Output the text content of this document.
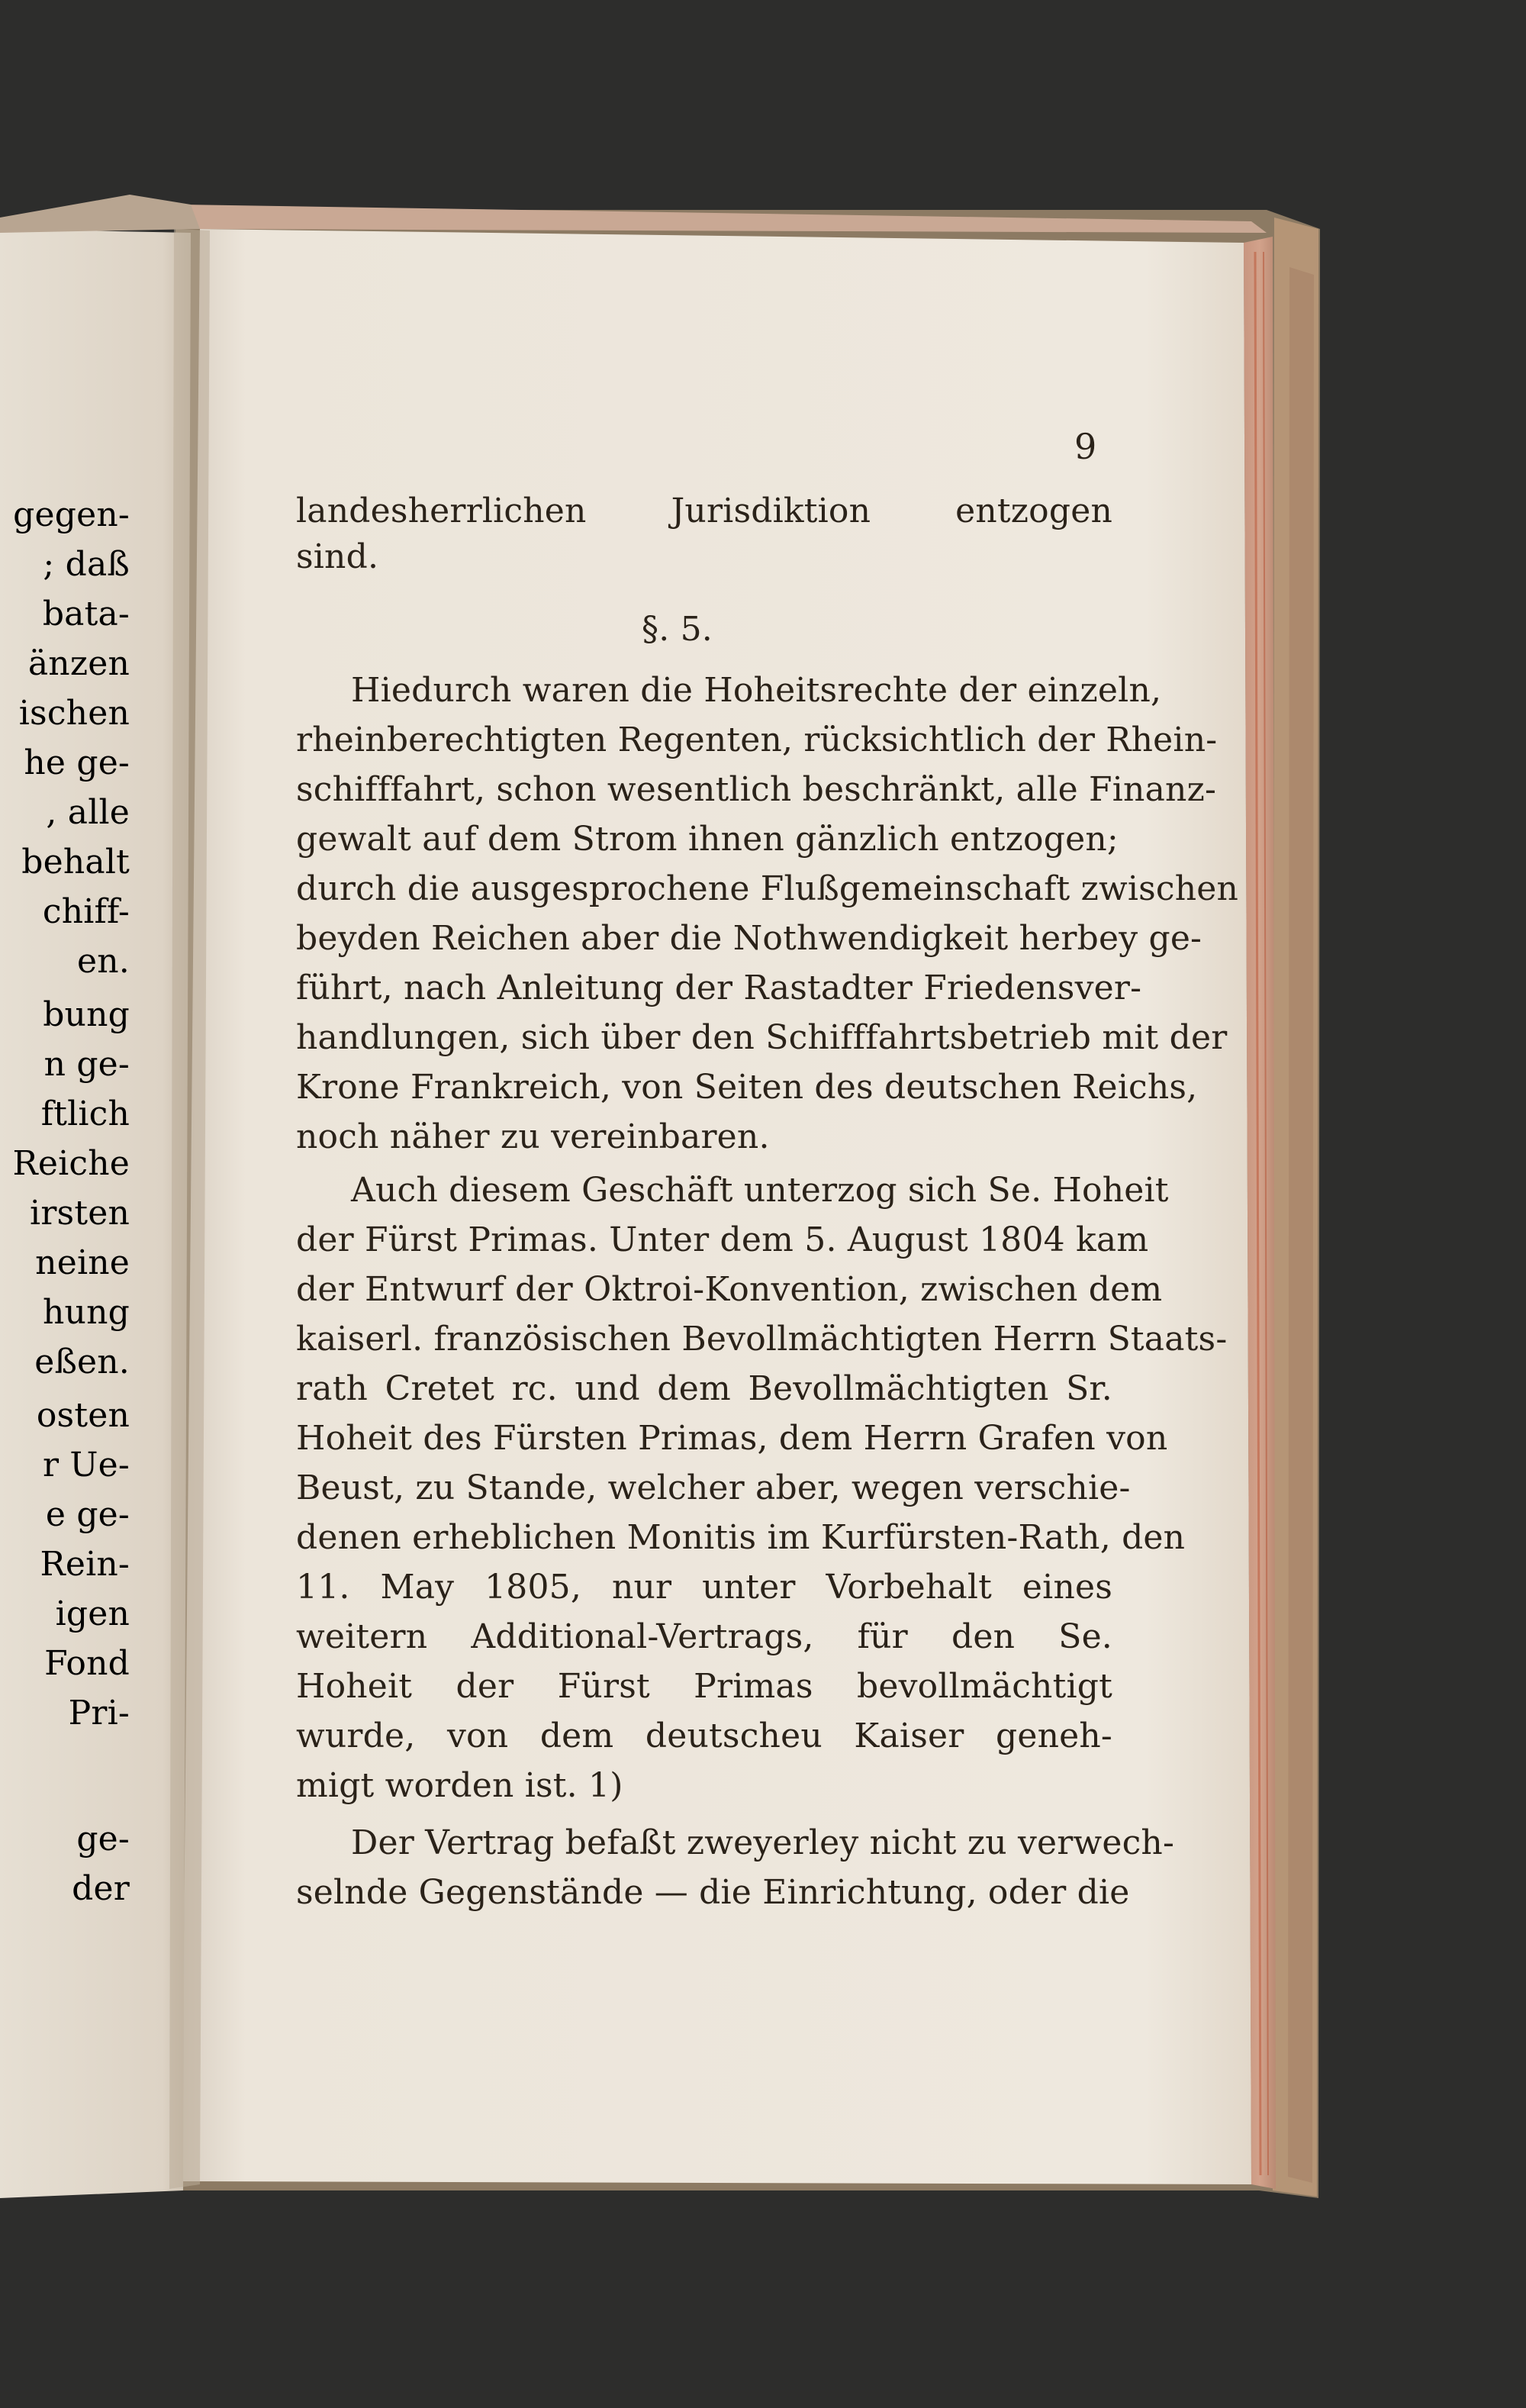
9
landesherrlichen Jurisdiktion entzogen
sind.
§. 5.
Hiedurch waren die Hoheitsrechte der einzeln,
rheinberechtigten Regenten, rücksichtlich der Rhein-
schifffahrt, schon wesentlich beschränkt, alle Finanz-
gewalt auf dem Strom ihnen gänzlich entzogen;
durch die ausgesprochene Flußgemeinschaft zwischen
beyden Reichen aber die Nothwendigkeit herbey ge-
führt, nach Anleitung der Rastadter Friedensver-
handlungen, sich über den Schifffahrtsbetrieb mit der
Krone Frankreich, von Seiten des deutschen Reichs,
noch näher zu vereinbaren.
Auch diesem Geschäft unterzog sich Se. Hoheit
der Fürst Primas. Unter dem 5. August 1804 kam
der Entwurf der Oktroi-Konvention, zwischen dem
kaiserl. französischen Bevollmächtigten Herrn Staats-
rath Cretet rc. und dem Bevollmächtigten Sr.
Hoheit des Fürsten Primas, dem Herrn Grafen von
Beust, zu Stande, welcher aber, wegen verschie-
denen erheblichen Monitis im Kurfürsten-Rath, den
11. May 1805, nur unter Vorbehalt eines
weitern Additional-Vertrags, für den Se.
Hoheit der Fürst Primas bevollmächtigt
wurde, von dem deutscheu Kaiser geneh-
migt worden ist. 1)
Der Vertrag befaßt zweyerley nicht zu verwech-
selnde Gegenstände — die Einrichtung, oder die
gegen-
; daß
bata-
änzen
ischen
he ge-
, alle
behalt
chiff-
en.
bung
n ge-
ftlich
Reiche
irsten
neine
hung
eßen.
osten
r Ue-
e ge-
Rein-
igen
Fond
Pri-
ge-
der
